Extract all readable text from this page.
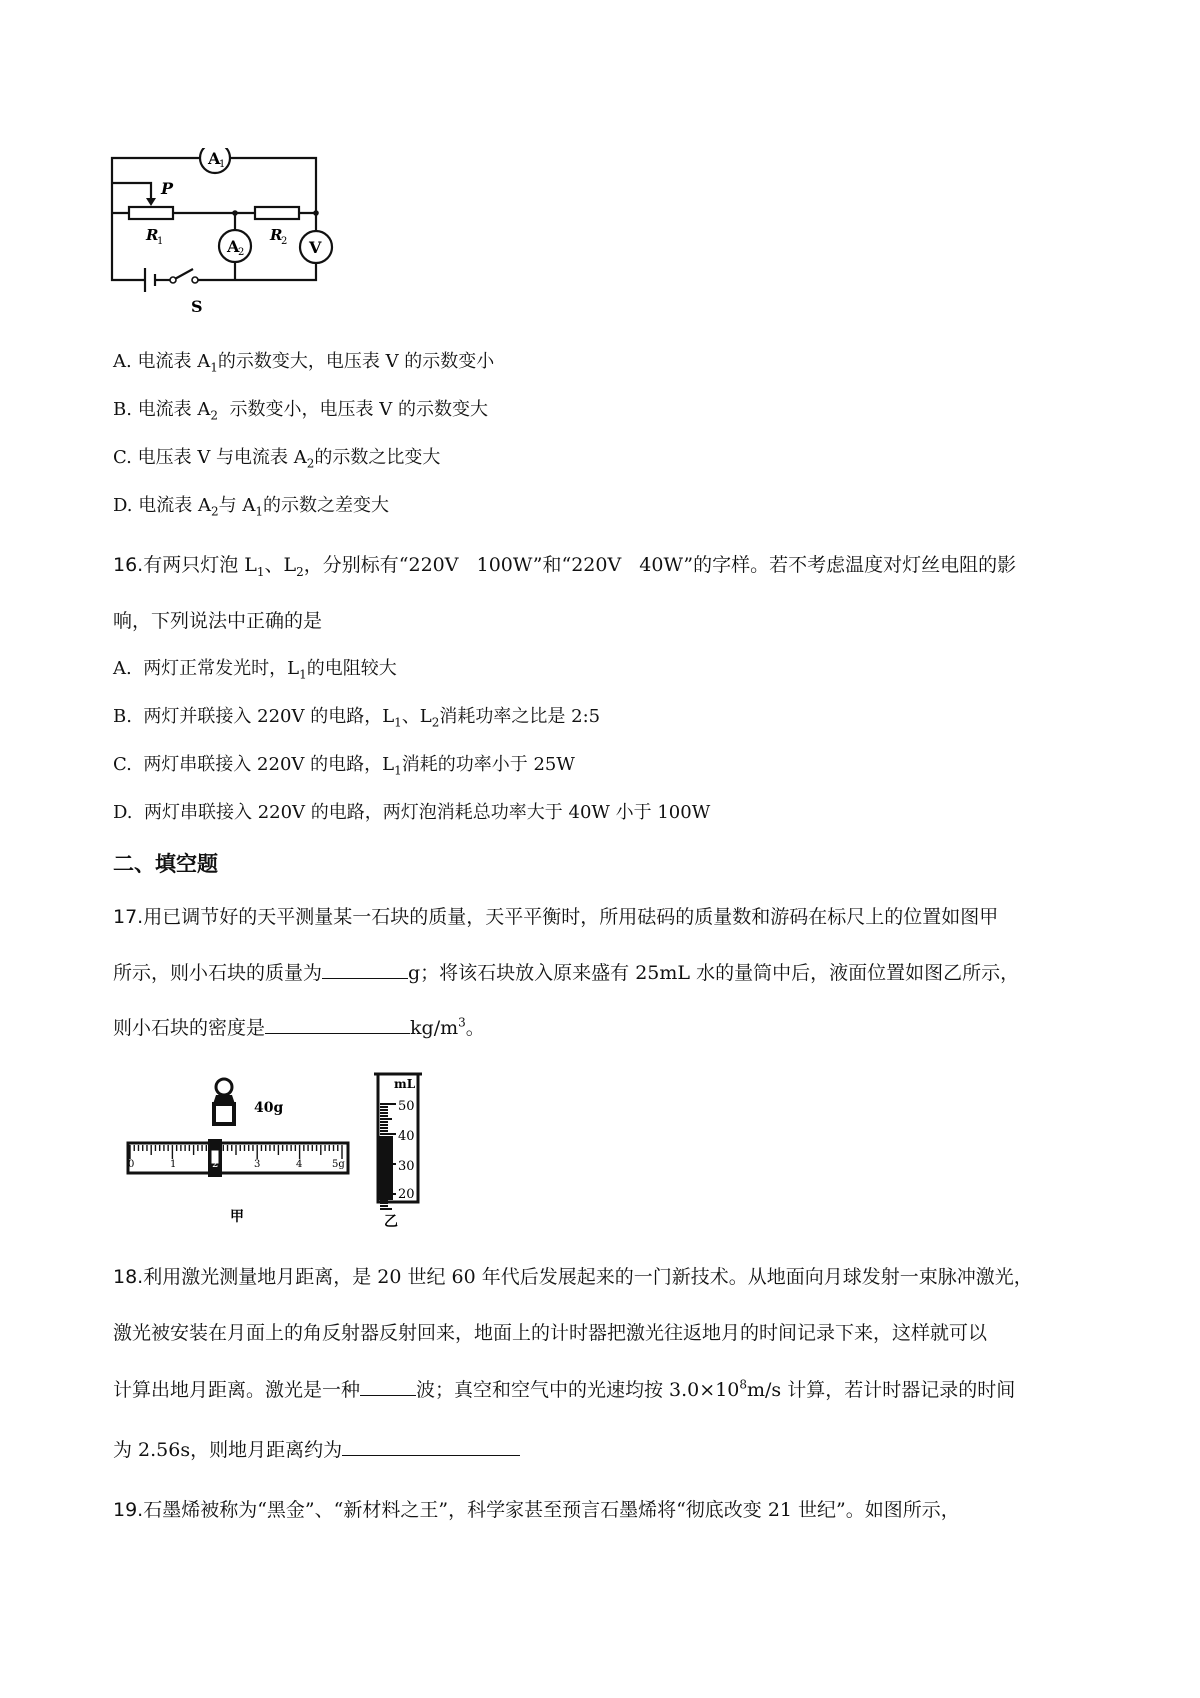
A
1
A
2	V
P
R
1	R
2
S

A. 电流表 $A_1$的示数变大，电压表 V 的示数变小

B. 电流表 $A_2$  示数变小，电压表 V 的示数变大

C. 电压表 V 与电流表 $A_2$的示数之比变大

D. 电流表 $A_2$与 $A_1$的示数之差变大

16.有两只灯泡 $L_1$、$L_2$，分别标有“220V   100W”和“220V   40W”的字样。若不考虑温度对灯丝电阻的影

响，下列说法中正确的是

A. 两灯正常发光时，$L_1$的电阻较大

B. 两灯并联接入 220V 的电路，$L_1$、$L_2$消耗功率之比是 2:5

C. 两灯串联接入 220V 的电路，$L_1$消耗的功率小于 25W

D. 两灯串联接入 220V 的电路，两灯泡消耗总功率大于 40W 小于 100W

二、填空题

17.用已调节好的天平测量某一石块的质量，天平平衡时，所用砝码的质量数和游码在标尺上的位置如图甲

所示，则小石块的质量为	g；将该石块放入原来盛有 25mL 水的量筒中后，液面位置如图乙所示，

则小石块的密度是	$kg/m^3$。

40g
0	1	2	3	4	5g
甲
mL
50
40
30
20
乙

18.利用激光测量地月距离，是 20 世纪 60 年代后发展起来的一门新技术。从地面向月球发射一束脉冲激光，

激光被安装在月面上的角反射器反射回来，地面上的计时器把激光往返地月的时间记录下来，这样就可以

计算出地月距离。激光是一种	波；真空和空气中的光速均按 $3.0\times 10^8m/s$ 计算，若计时器记录的时间

为 2.56s，则地月距离约为

19.石墨烯被称为“黑金”、“新材料之王”，科学家甚至预言石墨烯将“彻底改变 21 世纪”。如图所示，
